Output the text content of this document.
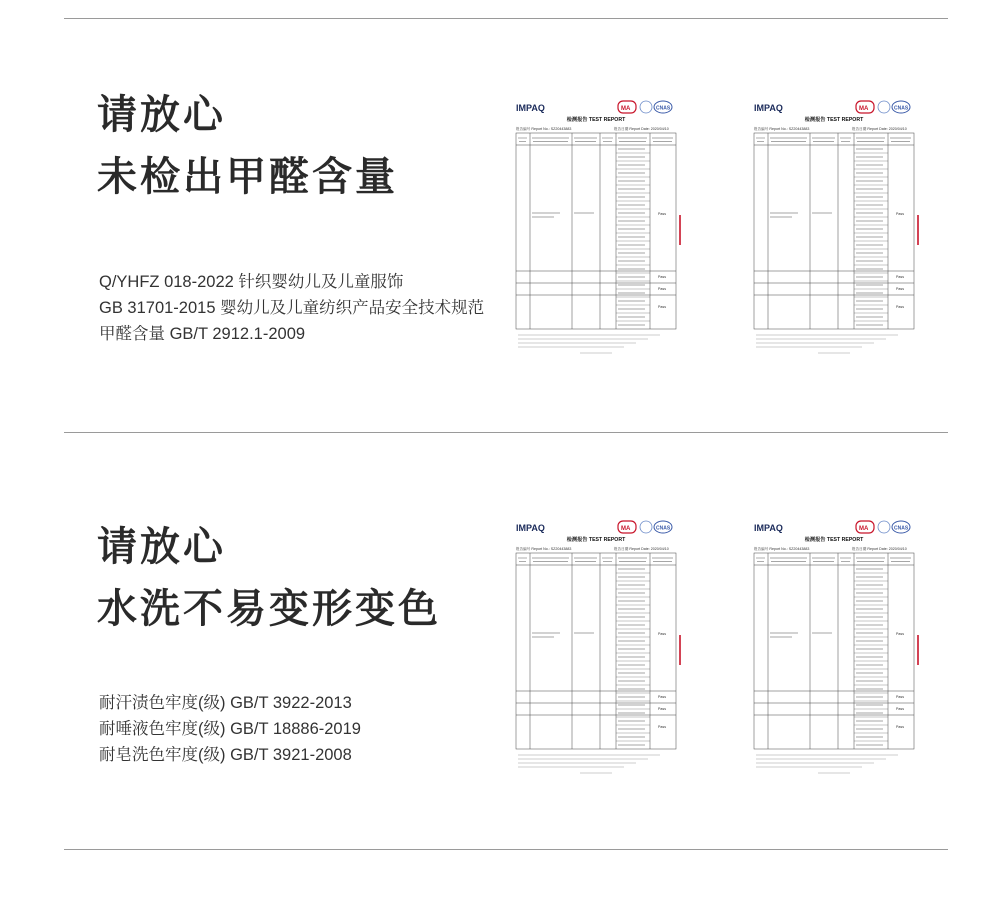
请放心
未检出甲醛含量
Q/YHFZ 018-2022 针织婴幼儿及儿童服饰
GB 31701-2015 婴幼儿及儿童纺织产品安全技术规范
甲醛含量 GB/T 2912.1-2009
IMPAQ	MA	CNAS
检测报告 TEST REPORT
报告编号 Report No.: SZ20443883	报告日期 Report Date: 2020/04/10
Pass
Pass
Pass
Pass
IMPAQ	MA	CNAS
检测报告 TEST REPORT
报告编号 Report No.: SZ20443883	报告日期 Report Date: 2020/04/10
Pass
Pass
Pass
Pass
请放心
水洗不易变形变色
耐汗渍色牢度(级) GB/T 3922-2013
耐唾液色牢度(级) GB/T 18886-2019
耐皂洗色牢度(级) GB/T 3921-2008
IMPAQ	MA	CNAS
检测报告 TEST REPORT
报告编号 Report No.: SZ20443883	报告日期 Report Date: 2020/04/10
Pass
Pass
Pass
Pass
IMPAQ	MA	CNAS
检测报告 TEST REPORT
报告编号 Report No.: SZ20443883	报告日期 Report Date: 2020/04/10
Pass
Pass
Pass
Pass
